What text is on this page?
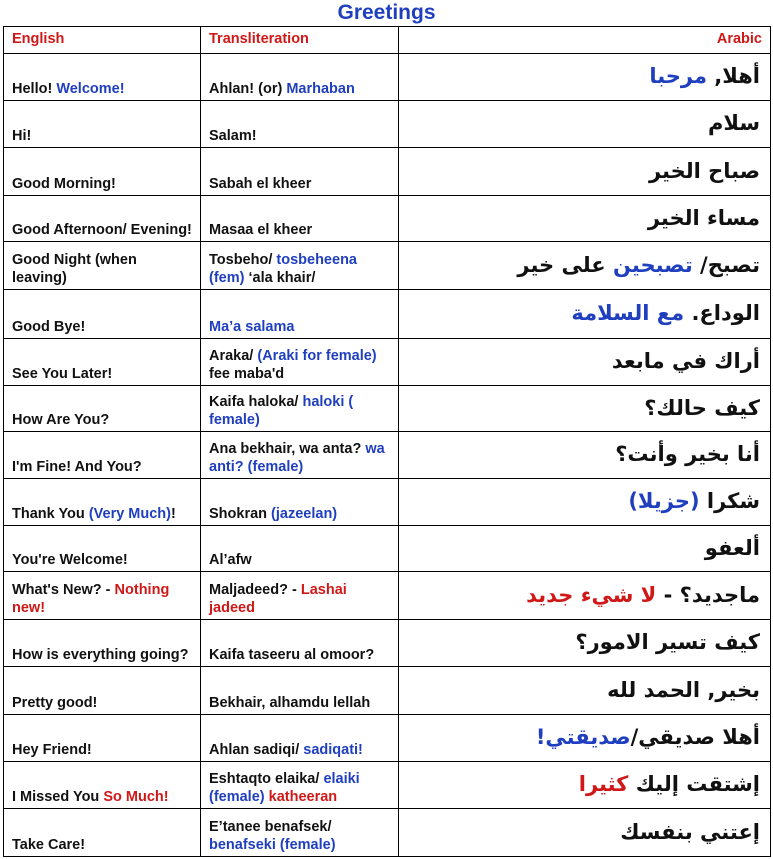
Greetings
English	Transliteration	Arabic
Hello! Welcome!	Ahlan! (or) Marhaban	أهلا, مرحبا
Hi!	Salam!	سلام
Good Morning!	Sabah el kheer	صباح الخير
Good Afternoon/ Evening!	Masaa el kheer	مساء الخير
Good Night (when leaving)	Tosbeho/ tosbeheena (fem) ‘ala khair/	تصبح/ تصبحين على خير
Good Bye!	Ma’a salama	الوداع. مع السلامة
See You Later!	Araka/ (Araki for female) fee maba'd	أراك في مابعد
How Are You?	Kaifa haloka/ haloki ( female)	كيف حالك؟
I'm Fine! And You?	Ana bekhair, wa anta? wa anti? (female)	أنا بخير وأنت؟
Thank You (Very Much)!	Shokran (jazeelan)	شكرا (جزيلا)
You're Welcome!	Al’afw	ألعفو
What's New? - Nothing new!	Maljadeed? - Lashai jadeed	ماجديد؟ - لا شيء جديد
How is everything going?	Kaifa taseeru al omoor?	كيف تسير الامور؟
Pretty good!	Bekhair, alhamdu lellah	بخير, الحمد لله
Hey Friend!	Ahlan sadiqi/ sadiqati!	أهلا صديقي/صديقتي!
I Missed You So Much!	Eshtaqto elaika/ elaiki (female) katheeran	إشتقت إليك كثيرا
Take Care!	E’tanee benafsek/ benafseki (female)	إعتني بنفسك
